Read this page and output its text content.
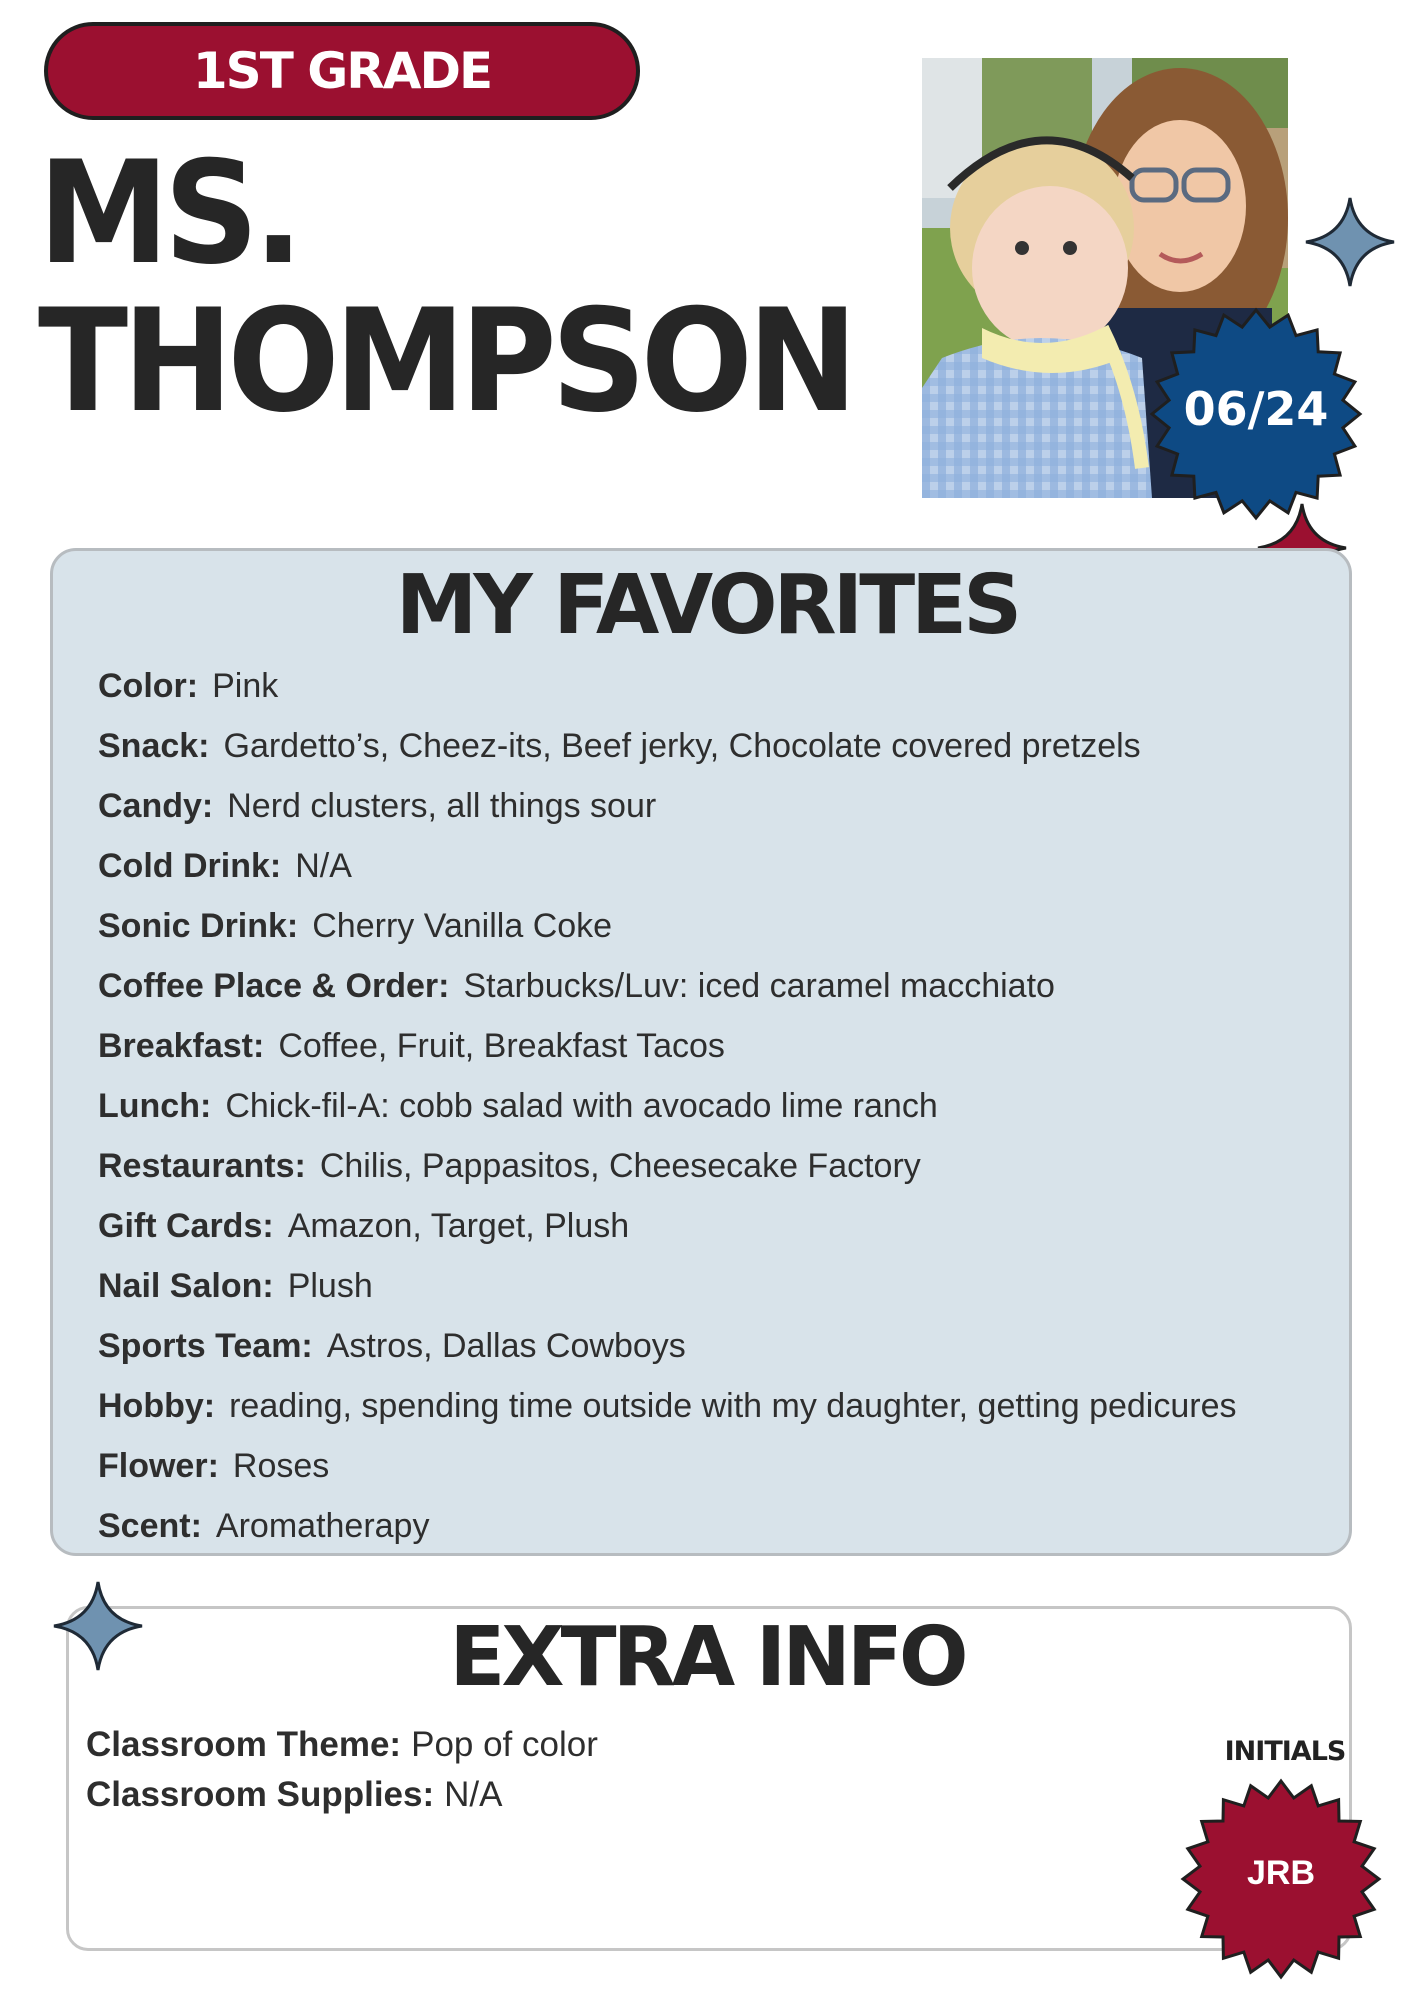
1ST GRADE
MS.
THOMPSON	06/24
MY FAVORITES
Color: Pink
Snack: Gardetto’s, Cheez-its, Beef jerky, Chocolate covered pretzels
Candy: Nerd clusters, all things sour
Cold Drink: N/A
Sonic Drink: Cherry Vanilla Coke
Coffee Place & Order: Starbucks/Luv: iced caramel macchiato
Breakfast: Coffee, Fruit, Breakfast Tacos
Lunch: Chick-fil-A: cobb salad with avocado lime ranch
Restaurants: Chilis, Pappasitos, Cheesecake Factory
Gift Cards: Amazon, Target, Plush
Nail Salon: Plush
Sports Team: Astros, Dallas Cowboys
Hobby: reading, spending time outside with my daughter, getting pedicures
Flower: Roses
Scent: Aromatherapy
EXTRA INFO
Classroom Theme: Pop of color
Classroom Supplies: N/A
INITIALS
JRB
